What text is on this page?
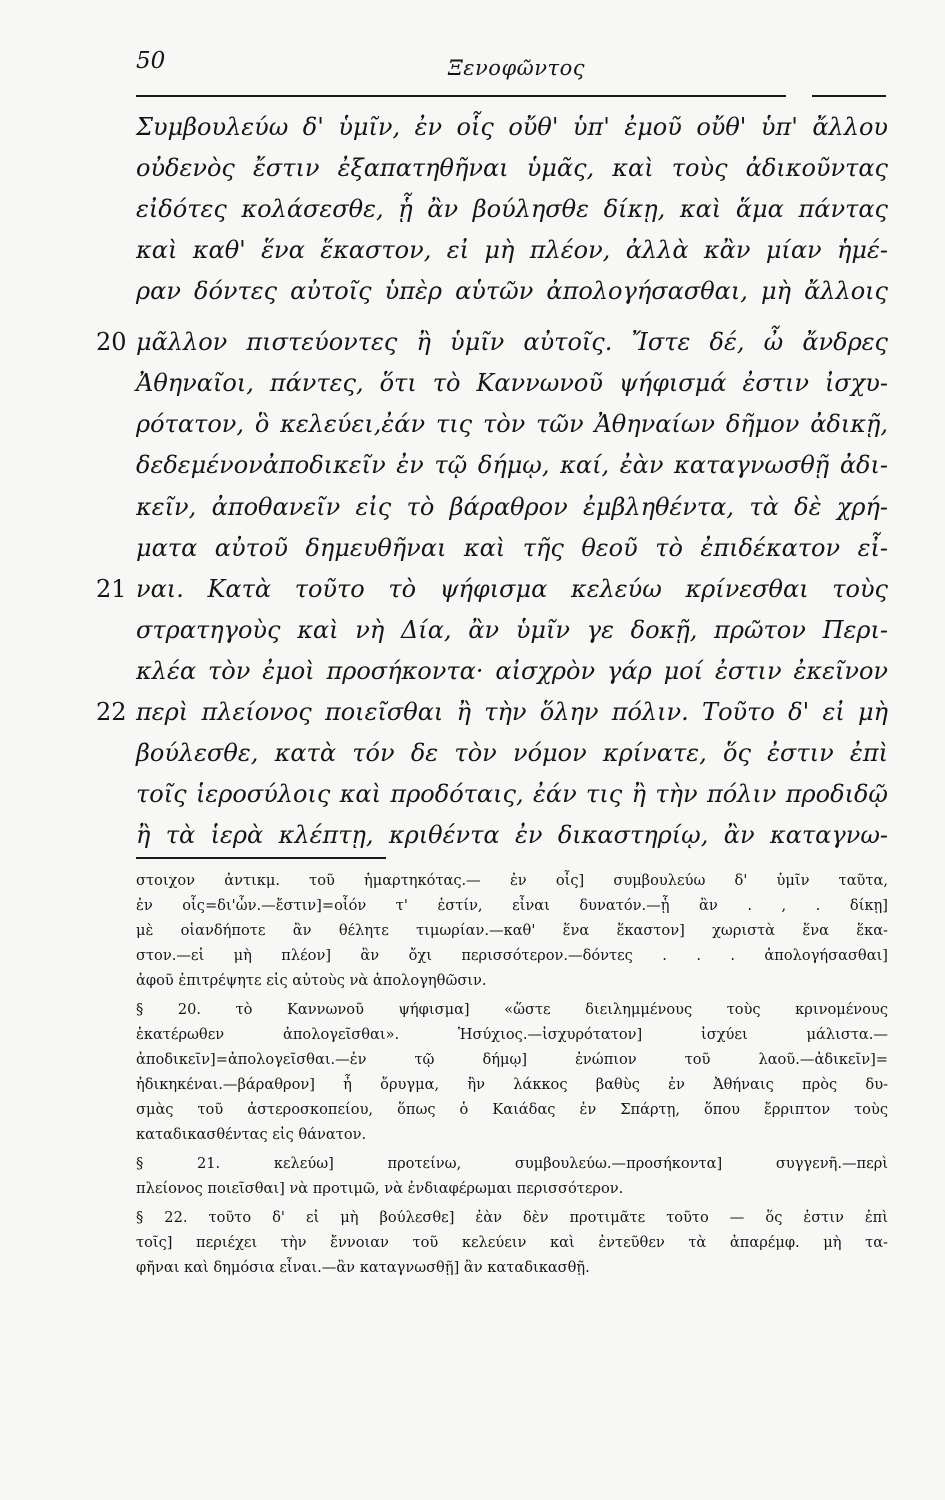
50	Ξενοφῶντος
Συμβουλεύω δ' ὑμῖν, ἐν οἷς οὔθ' ὑπ' ἐμοῦ οὔθ' ὑπ' ἄλλου
οὐδενὸς ἔστιν ἐξαπατηθῆναι ὑμᾶς, καὶ τοὺς ἀδικοῦντας
εἰδότες κολάσεσθε, ᾗ ἂν βούλησθε δίκῃ, καὶ ἅμα πάντας
καὶ καθ' ἕνα ἕκαστον, εἰ μὴ πλέον, ἀλλὰ κἂν μίαν ἡμέ-
ραν δόντες αὐτοῖς ὑπὲρ αὑτῶν ἀπολογήσασθαι, μὴ ἄλλοις
20 μᾶλλον πιστεύοντες ἢ ὑμῖν αὐτοῖς. Ἴστε δέ, ὦ ἄνδρες
Ἀθηναῖοι, πάντες, ὅτι τὸ Καννωνοῦ ψήφισμά ἐστιν ἰσχυ-
ρότατον, ὃ κελεύει,ἐάν τις τὸν τῶν Ἀθηναίων δῆμον ἀδικῇ,
δεδεμένονἀποδικεῖν ἐν τῷ δήμῳ, καί, ἐὰν καταγνωσθῇ ἀδι-
κεῖν, ἀποθανεῖν εἰς τὸ βάραθρον ἐμβληθέντα, τὰ δὲ χρή-
ματα αὐτοῦ δημευθῆναι καὶ τῆς θεοῦ τὸ ἐπιδέκατον εἶ-
21 ναι. Κατὰ τοῦτο τὸ ψήφισμα κελεύω κρίνεσθαι τοὺς
στρατηγοὺς καὶ νὴ Δία, ἂν ὑμῖν γε δοκῇ, πρῶτον Περι-
κλέα τὸν ἐμοὶ προσήκοντα· αἰσχρὸν γάρ μοί ἐστιν ἐκεῖνον
22 περὶ πλείονος ποιεῖσθαι ἢ τὴν ὅλην πόλιν. Τοῦτο δ' εἰ μὴ
βούλεσθε, κατὰ τόν δε τὸν νόμον κρίνατε, ὅς ἐστιν ἐπὶ
τοῖς ἱεροσύλοις καὶ προδόταις, ἐάν τις ἢ τὴν πόλιν προδιδῷ
ἢ τὰ ἱερὰ κλέπτῃ, κριθέντα ἐν δικαστηρίῳ, ἂν καταγνω-
στοιχον ἀντικμ. τοῦ ἡμαρτηκότας.— ἐν οἷς] συμβουλεύω δ' ὑμῖν ταῦτα,
ἐν οἷς=δι'ὧν.—ἔστιν]=οἷόν τ' ἐστίν, εἶναι δυνατόν.—ᾗ ἂν . , . δίκῃ]
μὲ οἱανδήποτε ἂν θέλητε τιμωρίαν.—καθ' ἕνα ἕκαστον] χωριστὰ ἕνα ἕκα-
στον.—εἰ μὴ πλέον] ἂν ὄχι περισσότερον.—δόντες . . . ἀπολογήσασθαι]
ἀφοῦ ἐπιτρέψητε εἰς αὐτοὺς νὰ ἀπολογηθῶσιν.
§ 20. τὸ Καννωνοῦ ψήφισμα] «ὥστε διειλημμένους τοὺς κρινομένους
ἑκατέρωθεν ἀπολογεῖσθαι». Ἡσύχιος.—ἰσχυρότατον] ἰσχύει μάλιστα.—
ἀποδικεῖν]=ἀπολογεῖσθαι.—ἐν τῷ δήμῳ] ἐνώπιον τοῦ λαοῦ.—ἀδικεῖν]=
ἠδικηκέναι.—βάραθρον] ἦ ὄρυγμα, ἢν λάκκος βαθὺς ἐν Ἀθήναις πρὸς δυ-
σμὰς τοῦ ἀστεροσκοπείου, ὅπως ὁ Καιάδας ἐν Σπάρτῃ, ὅπου ἔρριπτον τοὺς
καταδικασθέντας εἰς θάνατον.
§ 21. κελεύω] προτείνω, συμβουλεύω.—προσήκοντα] συγγενῆ.—περὶ
πλείονος ποιεῖσθαι] νὰ προτιμῶ, νὰ ἐνδιαφέρωμαι περισσότερον.
§ 22. τοῦτο δ' εἰ μὴ βούλεσθε] ἐὰν δὲν προτιμᾶτε τοῦτο — ὅς ἐστιν ἐπὶ
τοῖς] περιέχει τὴν ἔννοιαν τοῦ κελεύειν καὶ ἐντεῦθεν τὰ ἀπαρέμφ. μὴ τα-
φῆναι καὶ δημόσια εἶναι.—ἂν καταγνωσθῇ] ἂν καταδικασθῇ.
